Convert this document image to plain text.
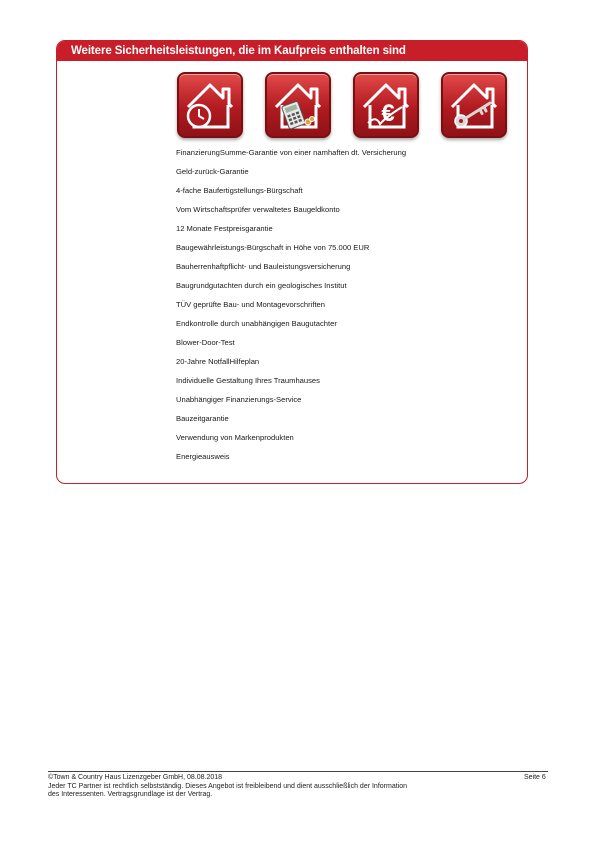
Weitere Sicherheitsleistungen, die im Kaufpreis enthalten sind
€
FinanzierungSumme-Garantie von einer namhaften dt. Versicherung
Geld-zurück-Garantie
4-fache Baufertigstellungs-Bürgschaft
Vom Wirtschaftsprüfer verwaltetes Baugeldkonto
12 Monate Festpreisgarantie
Baugewährleistungs-Bürgschaft in Höhe von 75.000 EUR
Bauherrenhaftpflicht- und Bauleistungsversicherung
Baugrundgutachten durch ein geologisches Institut
TÜV geprüfte Bau- und Montagevorschriften
Endkontrolle durch unabhängigen Baugutachter
Blower-Door-Test
20-Jahre NotfallHilfeplan
Individuelle Gestaltung Ihres Traumhauses
Unabhängiger Finanzierungs-Service
Bauzeitgarantie
Verwendung von Markenprodukten
Energieausweis
©Town & Country Haus Lizenzgeber GmbH, 08.08.2018
Jeder TC Partner ist rechtlich selbstständig. Dieses Angebot ist freibleibend und dient ausschließlich der Information
des Interessenten. Vertragsgrundlage ist der Vertrag.
Seite 6
